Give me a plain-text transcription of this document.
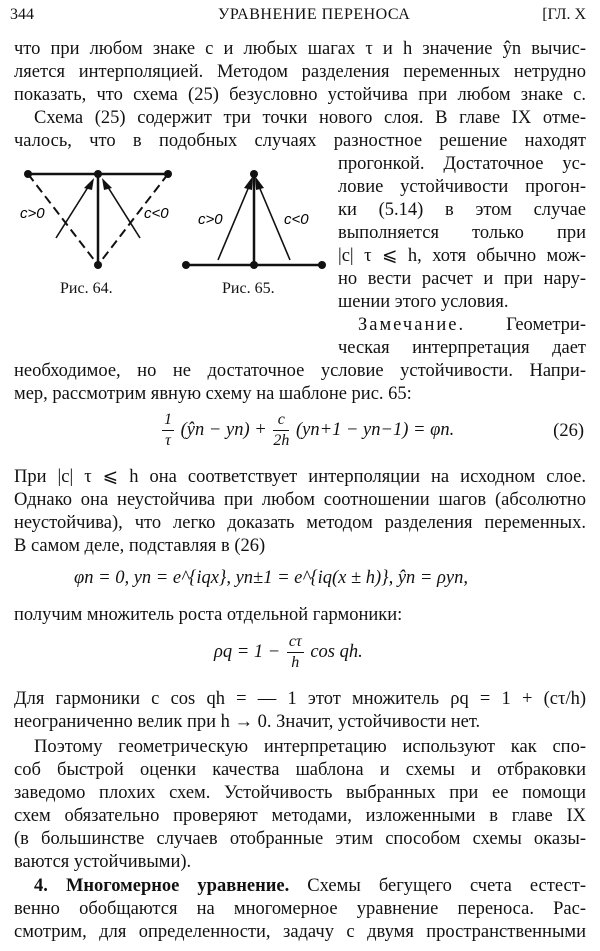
344	УРАВНЕНИЕ ПЕРЕНОСА	[ГЛ. X
что при любом знаке c и любых шагах τ и h значение ŷn вычис-
ляется интерполяцией. Методом разделения переменных нетрудно
показать, что схема (25) безусловно устойчива при любом знаке c.
Схема (25) содержит три точки нового слоя. В главе IX отме-
чалось, что в подобных случаях разностное решение находят
прогонкой. Достаточное ус-
ловие устойчивости прогон-
ки (5.14) в этом случае
выполняется только при
|c| τ ⩽ h, хотя обычно мож-
но вести расчет и при нару-
шении этого условия.
Замечание. Геометри-
ческая интерпретация дает
c>0	c<0 c>0	c<0
Рис. 64.	Рис. 65.
необходимое, но не достаточное условие устойчивости. Напри-
мер, рассмотрим явную схему на шаблоне рис. 65:
$\frac{1}{\tau}$ (ŷn − $yn) + \frac{c}{2h} (yn+1 - yn-1) = \varphi n$.	(26)
При |c| τ ⩽ h она соответствует интерполяции на исходном слое.
Однако она неустойчива при любом соотношении шагов (абсолютно
неустойчива), что легко доказать методом разделения переменных.
В самом деле, подставляя в (26)
φn = 0, yn = e^{iqx}, yn±1 = e^{iq(x ± h)}, ŷn = ρyn,
получим множитель роста отдельной гармоники:
$\rho q = 1 - \frac{c\tau}{h}$ cos qh.
Для гармоники с cos qh = — 1 этот множитель ρq = 1 + (cτ/h)
неограниченно велик при h → 0. Значит, устойчивости нет.
Поэтому геометрическую интерпретацию используют как спо-
соб быстрой оценки качества шаблона и схемы и отбраковки
заведомо плохих схем. Устойчивость выбранных при ее помощи
схем обязательно проверяют методами, изложенными в главе IX
(в большинстве случаев отобранные этим способом схемы оказы-
ваются устойчивыми).
4. Многомерное уравнение. Схемы бегущего счета естест-
венно обобщаются на многомерное уравнение переноса. Рас-
смотрим, для определенности, задачу с двумя пространственными
